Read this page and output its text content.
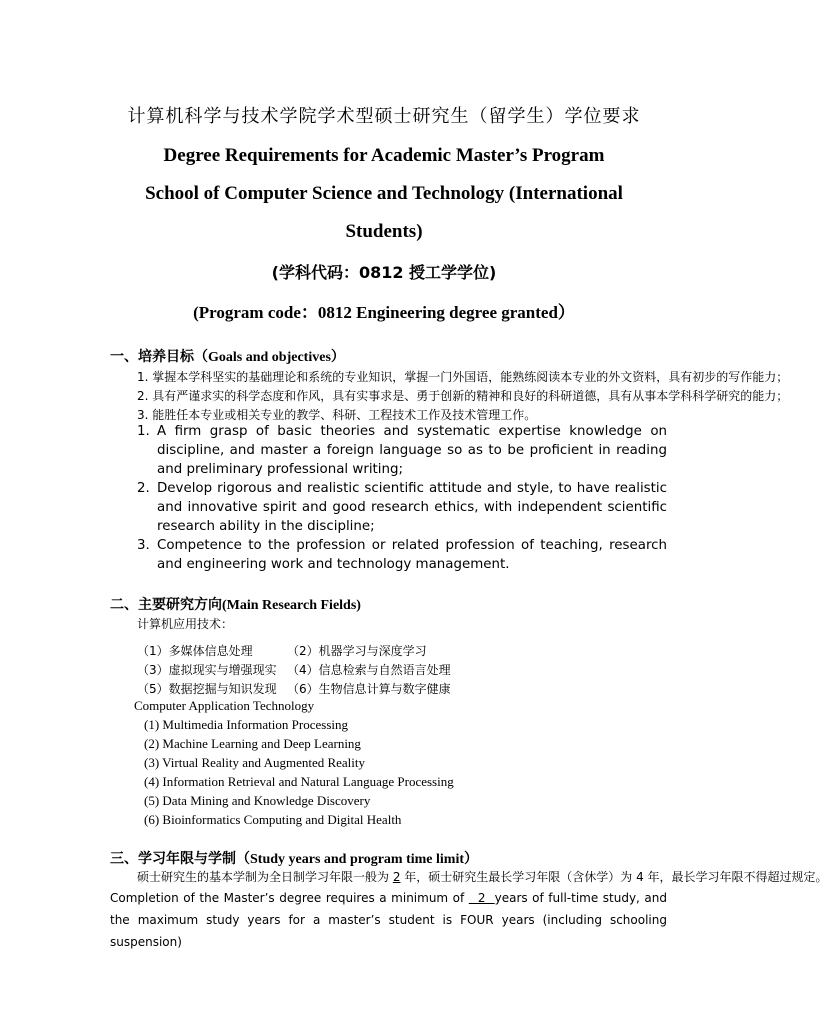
计算机科学与技术学院学术型硕士研究生（留学生）学位要求
Degree Requirements for Academic Master’s Program
School of Computer Science and Technology (International
Students)
(学科代码：0812 授工学学位)
(Program code：0812 Engineering degree granted）
一、培养目标（Goals and objectives）
1. 掌握本学科坚实的基础理论和系统的专业知识，掌握一门外国语，能熟练阅读本专业的外文资料，具有初步的写作能力；
2. 具有严谨求实的科学态度和作风，具有实事求是、勇于创新的精神和良好的科研道德，具有从事本学科科学研究的能力；
3. 能胜任本专业或相关专业的教学、科研、工程技术工作及技术管理工作。
1. A firm grasp of basic theories and systematic expertise knowledge on discipline, and master a foreign language so as to be proficient in reading and preliminary professional writing;
2. Develop rigorous and realistic scientific attitude and style, to have realistic and innovative spirit and good research ethics, with independent scientific research ability in the discipline;
3. Competence to the profession or related profession of teaching, research and engineering work and technology management.
二、主要研究方向(Main Research Fields)
计算机应用技术：
（1）多媒体信息处理	（2）机器学习与深度学习
（3）虚拟现实与增强现实 （4）信息检索与自然语言处理
（5）数据挖掘与知识发现 （6）生物信息计算与数字健康
Computer Application Technology
(1) Multimedia Information Processing
(2) Machine Learning and Deep Learning
(3) Virtual Reality and Augmented Reality
(4) Information Retrieval and Natural Language Processing
(5) Data Mining and Knowledge Discovery
(6) Bioinformatics Computing and Digital Health
三、学习年限与学制（Study years and program time limit）
硕士研究生的基本学制为全日制学习年限一般为 2 年，硕士研究生最长学习年限（含休学）为 4 年，最长学习年限不得超过规定。
Completion of the Master’s degree requires a minimum of   2  years of full-time study, and the maximum study years for a master’s student is FOUR years (including schooling suspension)
